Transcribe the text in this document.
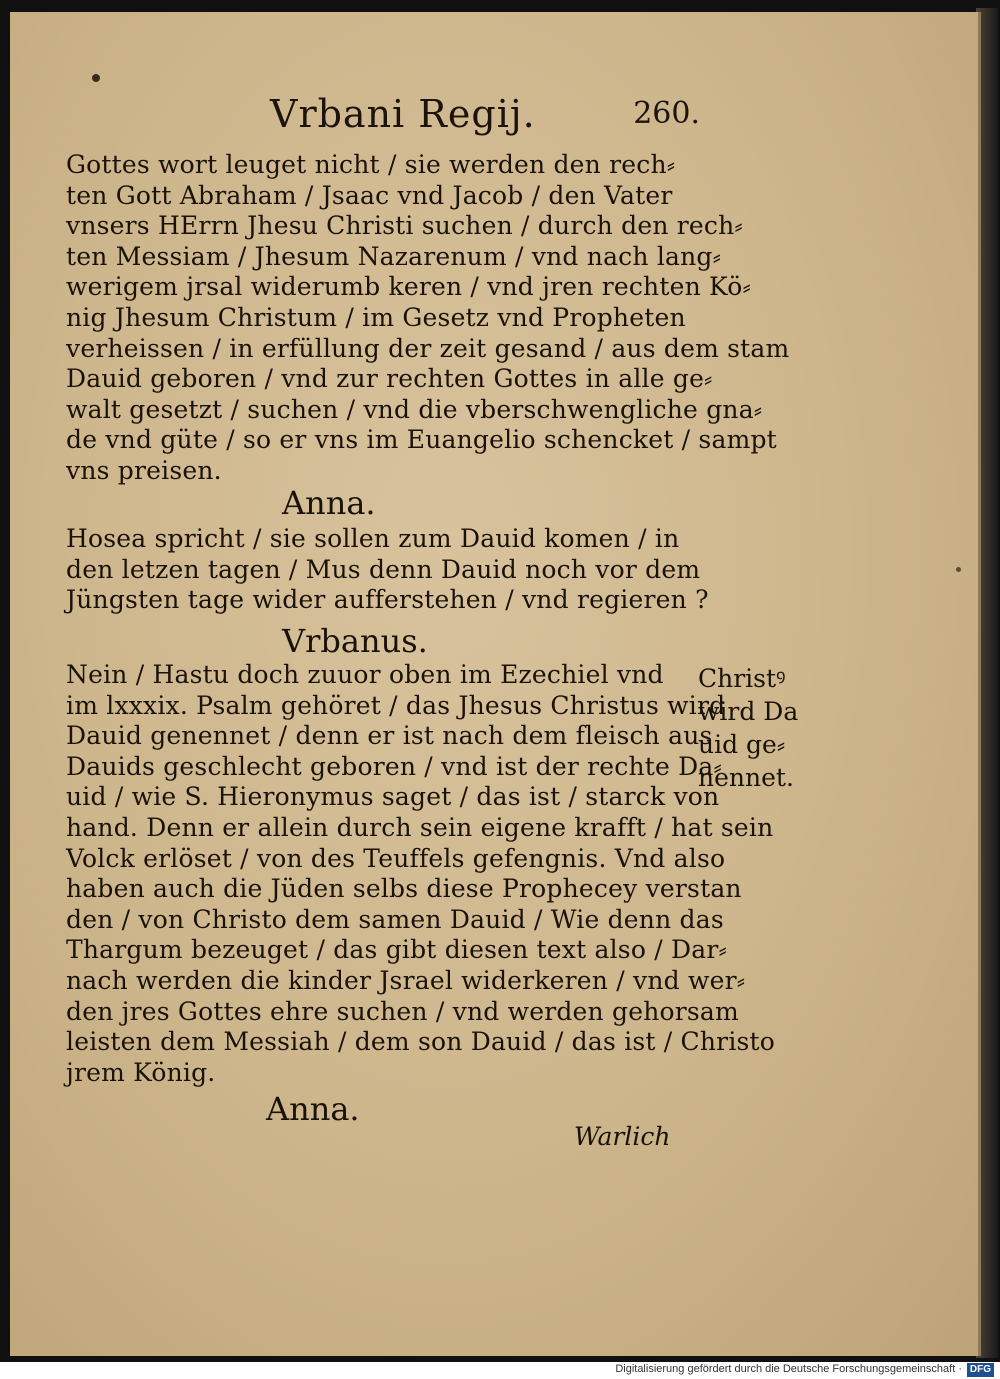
Vrbani Regij.	260.
Gottes wort leuget nicht / sie werden den rech⸗
ten Gott Abraham / Jsaac vnd Jacob / den Vater
vnsers HErrn Jhesu Christi suchen / durch den rech⸗
ten Messiam / Jhesum Nazarenum / vnd nach lang⸗
werigem jrsal widerumb keren / vnd jren rechten Kö⸗
nig Jhesum Christum / im Gesetz vnd Propheten
verheissen / in erfüllung der zeit gesand / aus dem stam
Dauid geboren / vnd zur rechten Gottes in alle ge⸗
walt gesetzt / suchen / vnd die vberschwengliche gna⸗
de vnd güte / so er vns im Euangelio schencket / sampt
vns preisen.
Anna.
Hosea spricht / sie sollen zum Dauid komen / in
den letzen tagen / Mus denn Dauid noch vor dem
Jüngsten tage wider aufferstehen / vnd regieren ?
Vrbanus.
Nein / Hastu doch zuuor oben im Ezechiel vnd
im lxxxix. Psalm gehöret / das Jhesus Christus wird
Dauid genennet / denn er ist nach dem fleisch aus
Dauids geschlecht geboren / vnd ist der rechte Da⸗
uid / wie S. Hieronymus saget / das ist / starck von
hand. Denn er allein durch sein eigene krafft / hat sein
Volck erlöset / von des Teuffels gefengnis. Vnd also
haben auch die Jüden selbs diese Prophecey verstan
den / von Christo dem samen Dauid / Wie denn das
Thargum bezeuget / das gibt diesen text also / Dar⸗
nach werden die kinder Jsrael widerkeren / vnd wer⸗
den jres Gottes ehre suchen / vnd werden gehorsam
leisten dem Messiah / dem son Dauid / das ist / Christo
jrem König.
Anna.
Christꝰ
wird Da
uid ge⸗
nennet.
Warlich
Digitalisierung gefördert durch die Deutsche Forschungsgemeinschaft · DFG
